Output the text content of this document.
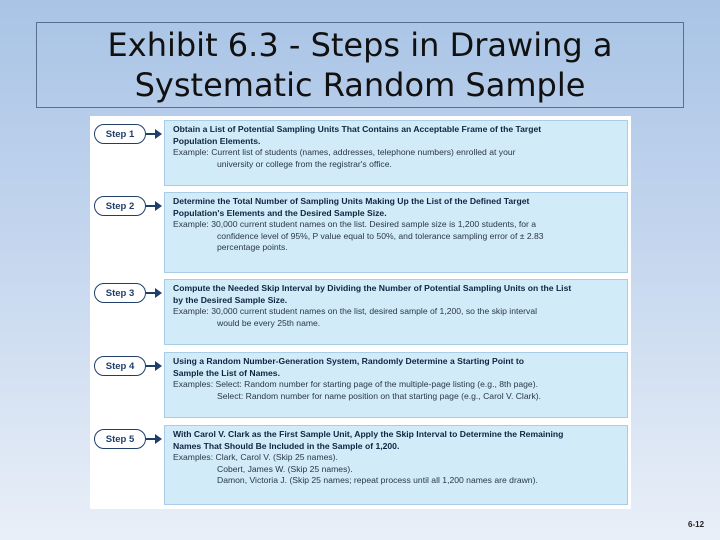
Exhibit 6.3 - Steps in Drawing a
Systematic Random Sample
Step 1	Obtain a List of Potential Sampling Units That Contains an Acceptable Frame of the Target
Population Elements.
Example: Current list of students (names, addresses, telephone numbers) enrolled at your
university or college from the registrar's office.
Step 2	Determine the Total Number of Sampling Units Making Up the List of the Defined Target
Population's Elements and the Desired Sample Size.
Example: 30,000 current student names on the list. Desired sample size is 1,200 students, for a
confidence level of 95%, P value equal to 50%, and tolerance sampling error of ± 2.83
percentage points.
Step 3	Compute the Needed Skip Interval by Dividing the Number of Potential Sampling Units on the List
by the Desired Sample Size.
Example: 30,000 current student names on the list, desired sample of 1,200, so the skip interval
would be every 25th name.
Step 4	Using a Random Number-Generation System, Randomly Determine a Starting Point to
Sample the List of Names.
Examples: Select: Random number for starting page of the multiple-page listing (e.g., 8th page).
Select: Random number for name position on that starting page (e.g., Carol V. Clark).
Step 5	With Carol V. Clark as the First Sample Unit, Apply the Skip Interval to Determine the Remaining
Names That Should Be Included in the Sample of 1,200.
Examples: Clark, Carol V. (Skip 25 names).
Cobert, James W. (Skip 25 names).
Damon, Victoria J. (Skip 25 names; repeat process until all 1,200 names are drawn).
6-12
